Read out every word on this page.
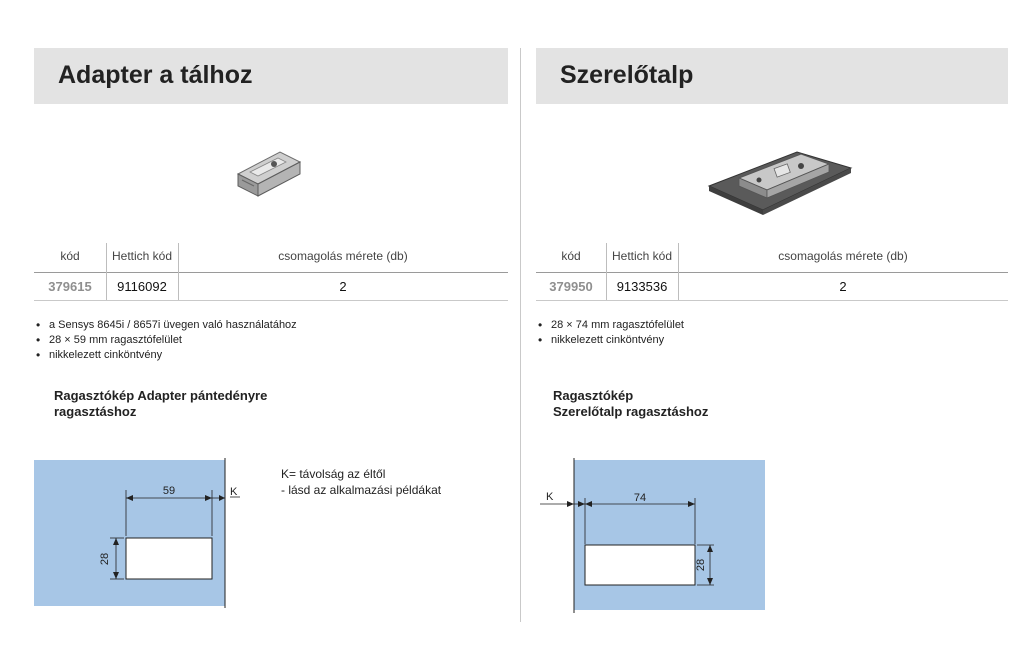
Adapter a tálhoz
kód	Hettich kód	csomagolás mérete (db)
379615	9116092	2
• a Sensys 8645i / 8657i üvegen való használatához
• 28 × 59 mm ragasztófelület
• nikkelezett cinköntvény
Ragasztókép Adapter pántedényre
ragasztáshoz
59	K
28
K= távolság az éltől
- lásd az alkalmazási példákat
Szerelőtalp
kód	Hettich kód	csomagolás mérete (db)
379950	9133536	2
• 28 × 74 mm ragasztófelület
• nikkelezett cinköntvény
Ragasztókép
Szerelőtalp ragasztáshoz
K	74
28
